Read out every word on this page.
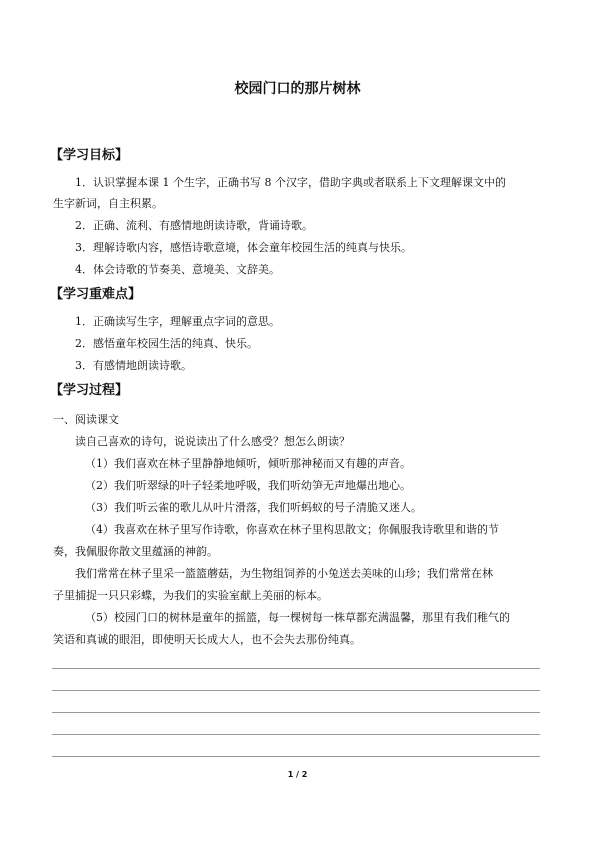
校园门口的那片树林
【学习目标】
1．认识掌握本课 1 个生字，正确书写 8 个汉字，借助字典或者联系上下文理解课文中的
生字新词，自主积累。
2．正确、流利、有感情地朗读诗歌，背诵诗歌。
3．理解诗歌内容，感悟诗歌意境，体会童年校园生活的纯真与快乐。
4．体会诗歌的节奏美、意境美、文辞美。
【学习重难点】
1．正确读写生字，理解重点字词的意思。
2．感悟童年校园生活的纯真、快乐。
3．有感情地朗读诗歌。
【学习过程】
一、阅读课文
读自己喜欢的诗句，说说读出了什么感受？想怎么朗读？
（1）我们喜欢在林子里静静地倾听，倾听那神秘而又有趣的声音。
（2）我们听翠绿的叶子轻柔地呼吸，我们听幼笋无声地爆出地心。
（3）我们听云雀的歌儿从叶片滑落，我们听蚂蚁的号子清脆又迷人。
（4）我喜欢在林子里写作诗歌，你喜欢在林子里构思散文；你佩服我诗歌里和谐的节
奏，我佩服你散文里蕴涵的神韵。
我们常常在林子里采一篮篮蘑菇，为生物组饲养的小兔送去美味的山珍；我们常常在林
子里捕捉一只只彩蝶，为我们的实验室献上美丽的标本。
（5）校园门口的树林是童年的摇篮，每一棵树每一株草都充满温馨，那里有我们稚气的
笑语和真诚的眼泪，即使明天长成大人，也不会失去那份纯真。
1 / 2
